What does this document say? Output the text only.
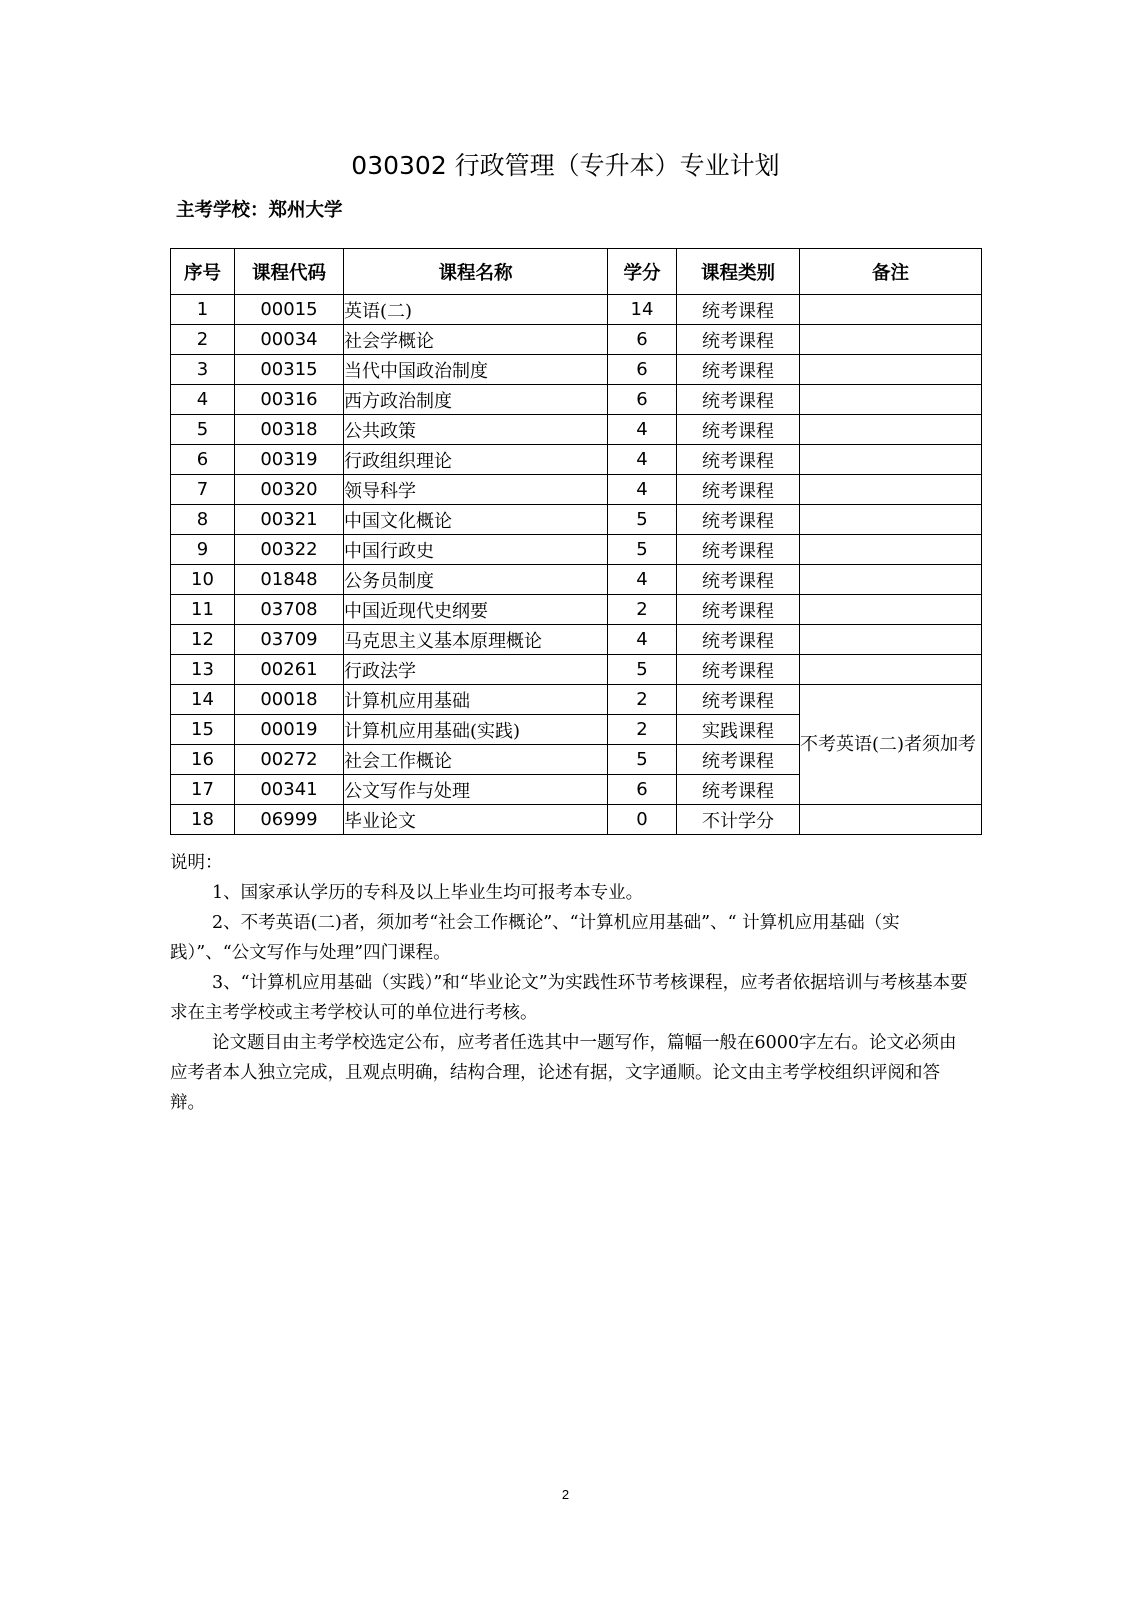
030302 行政管理（专升本）专业计划
主考学校：郑州大学
序号	课程代码	课程名称	学分	课程类别	备注
1	00015	英语(二)	14	统考课程	
2	00034	社会学概论	6	统考课程	
3	00315	当代中国政治制度	6	统考课程	
4	00316	西方政治制度	6	统考课程	
5	00318	公共政策	4	统考课程	
6	00319	行政组织理论	4	统考课程	
7	00320	领导科学	4	统考课程	
8	00321	中国文化概论	5	统考课程	
9	00322	中国行政史	5	统考课程	
10	01848	公务员制度	4	统考课程	
11	03708	中国近现代史纲要	2	统考课程	
12	03709	马克思主义基本原理概论	4	统考课程	
13	00261	行政法学	5	统考课程	
14	00018	计算机应用基础	2	统考课程	不考英语(二)者须加考
15	00019	计算机应用基础(实践)	2	实践课程	
16	00272	社会工作概论	5	统考课程	
17	00341	公文写作与处理	6	统考课程	
18	06999	毕业论文	0	不计学分	

说明：

1、国家承认学历的专科及以上毕业生均可报考本专业。

2、不考英语(二)者，须加考“社会工作概论”、“计算机应用基础”、“ 计算机应用基础（实践）”、“公文写作与处理”四门课程。

3、“计算机应用基础（实践）”和“毕业论文”为实践性环节考核课程，应考者依据培训与考核基本要求在主考学校或主考学校认可的单位进行考核。

论文题目由主考学校选定公布，应考者任选其中一题写作，篇幅一般在6000字左右。论文必须由应考者本人独立完成，且观点明确，结构合理，论述有据，文字通顺。论文由主考学校组织评阅和答辩。

2
